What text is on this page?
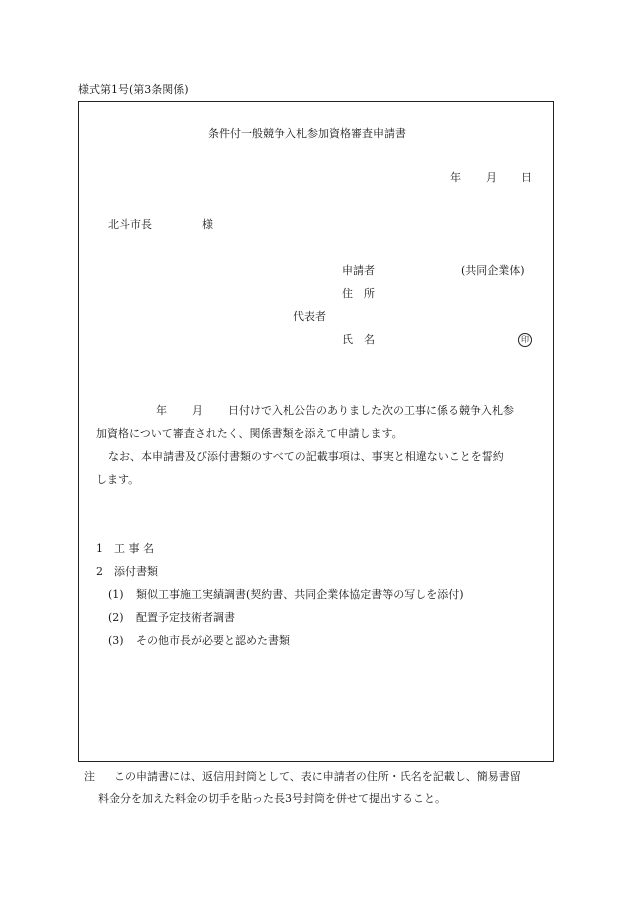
様式第1号(第3条関係)
条件付一般競争入札参加資格審査申請書
年 月 日
北斗市長	様
申請者	(共同企業体)
住　所
代表者
氏　名	印
年 月 日付けで入札公告のありました次の工事に係る競争入札参
加資格について審査されたく、関係書類を添えて申請します。
なお、本申請書及び添付書類のすべての記載事項は、事実と相違ないことを誓約
します。
1 工 事 名
2 添付書類
(1) 類似工事施工実績調書(契約書、共同企業体協定書等の写しを添付)
(2) 配置予定技術者調書
(3) その他市長が必要と認めた書類
注 この申請書には、返信用封筒として、表に申請者の住所・氏名を記載し、簡易書留
料金分を加えた料金の切手を貼った長3号封筒を併せて提出すること。
